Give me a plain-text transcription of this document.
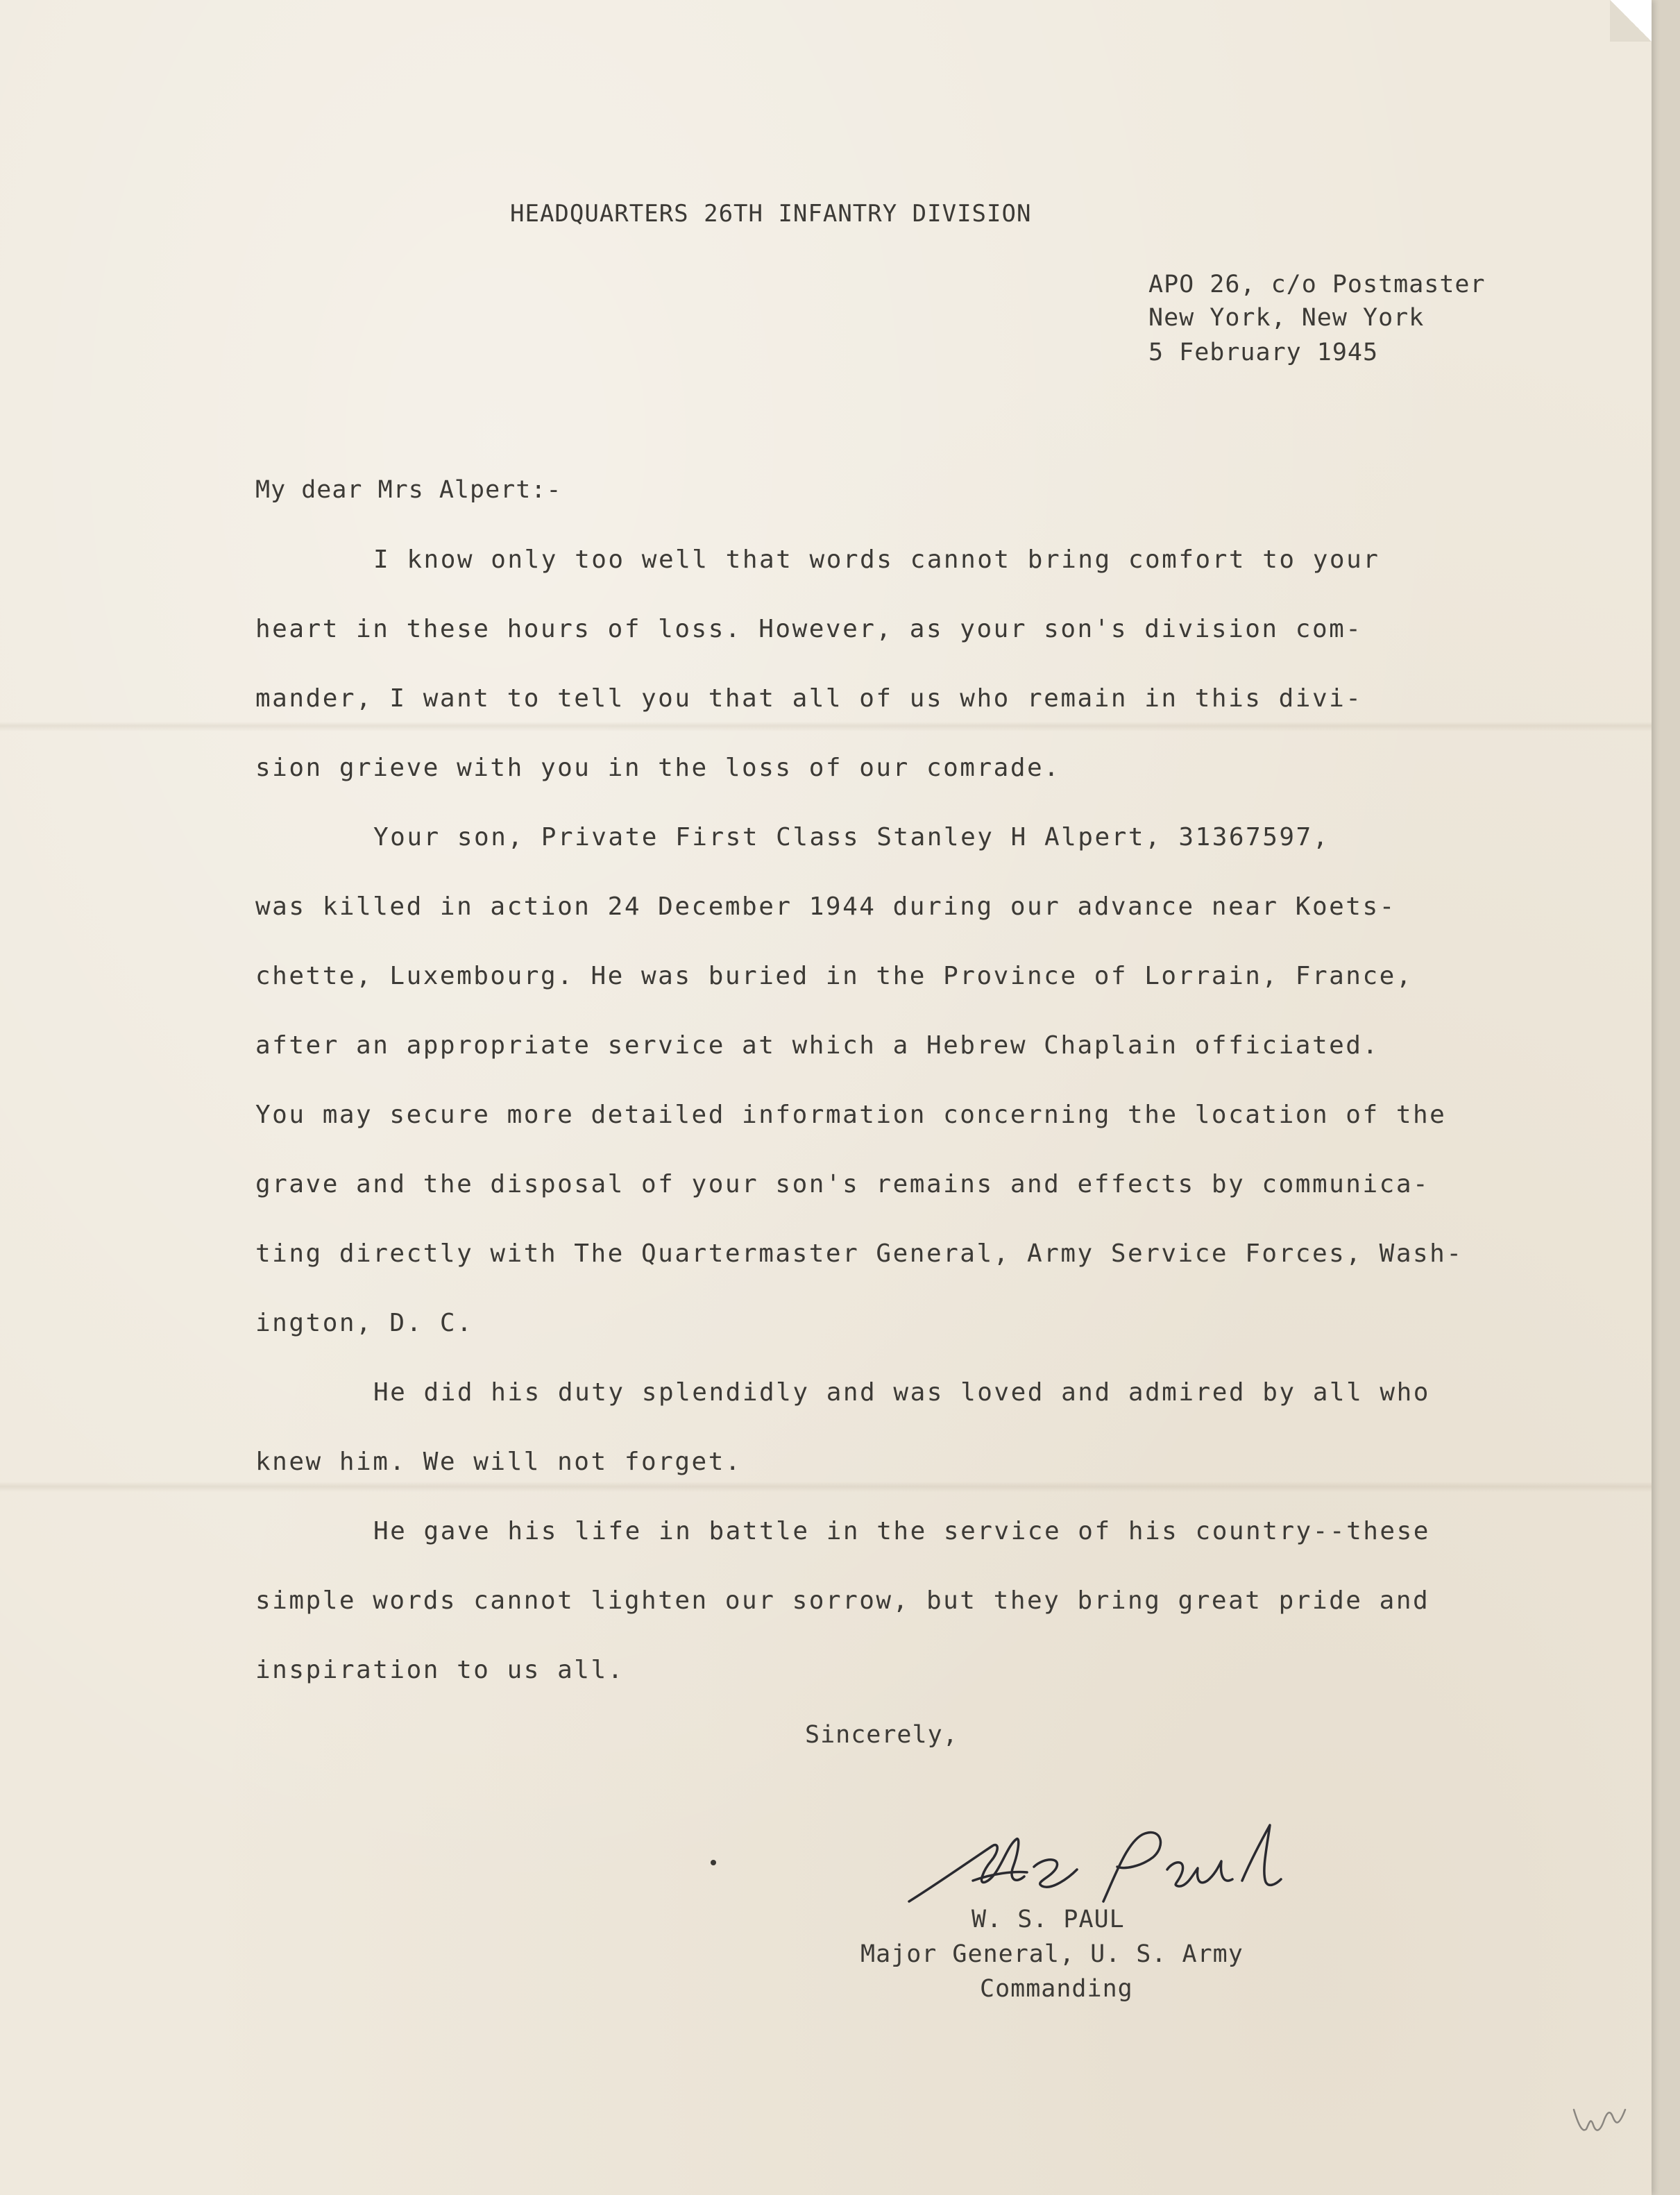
HEADQUARTERS 26TH INFANTRY DIVISION
APO 26, c/o Postmaster
New York, New York
5 February 1945
My dear Mrs Alpert:-
I know only too well that words cannot bring comfort to your
heart in these hours of loss. However, as your son's division com-
mander, I want to tell you that all of us who remain in this divi-
sion grieve with you in the loss of our comrade.
Your son, Private First Class Stanley H Alpert, 31367597,
was killed in action 24 December 1944 during our advance near Koets-
chette, Luxembourg. He was buried in the Province of Lorrain, France,
after an appropriate service at which a Hebrew Chaplain officiated.
You may secure more detailed information concerning the location of the
grave and the disposal of your son's remains and effects by communica-
ting directly with The Quartermaster General, Army Service Forces, Wash-
ington, D. C.
He did his duty splendidly and was loved and admired by all who
knew him. We will not forget.
He gave his life in battle in the service of his country--these
simple words cannot lighten our sorrow, but they bring great pride and
inspiration to us all.
Sincerely,
W. S. PAUL
Major General, U. S. Army
Commanding
